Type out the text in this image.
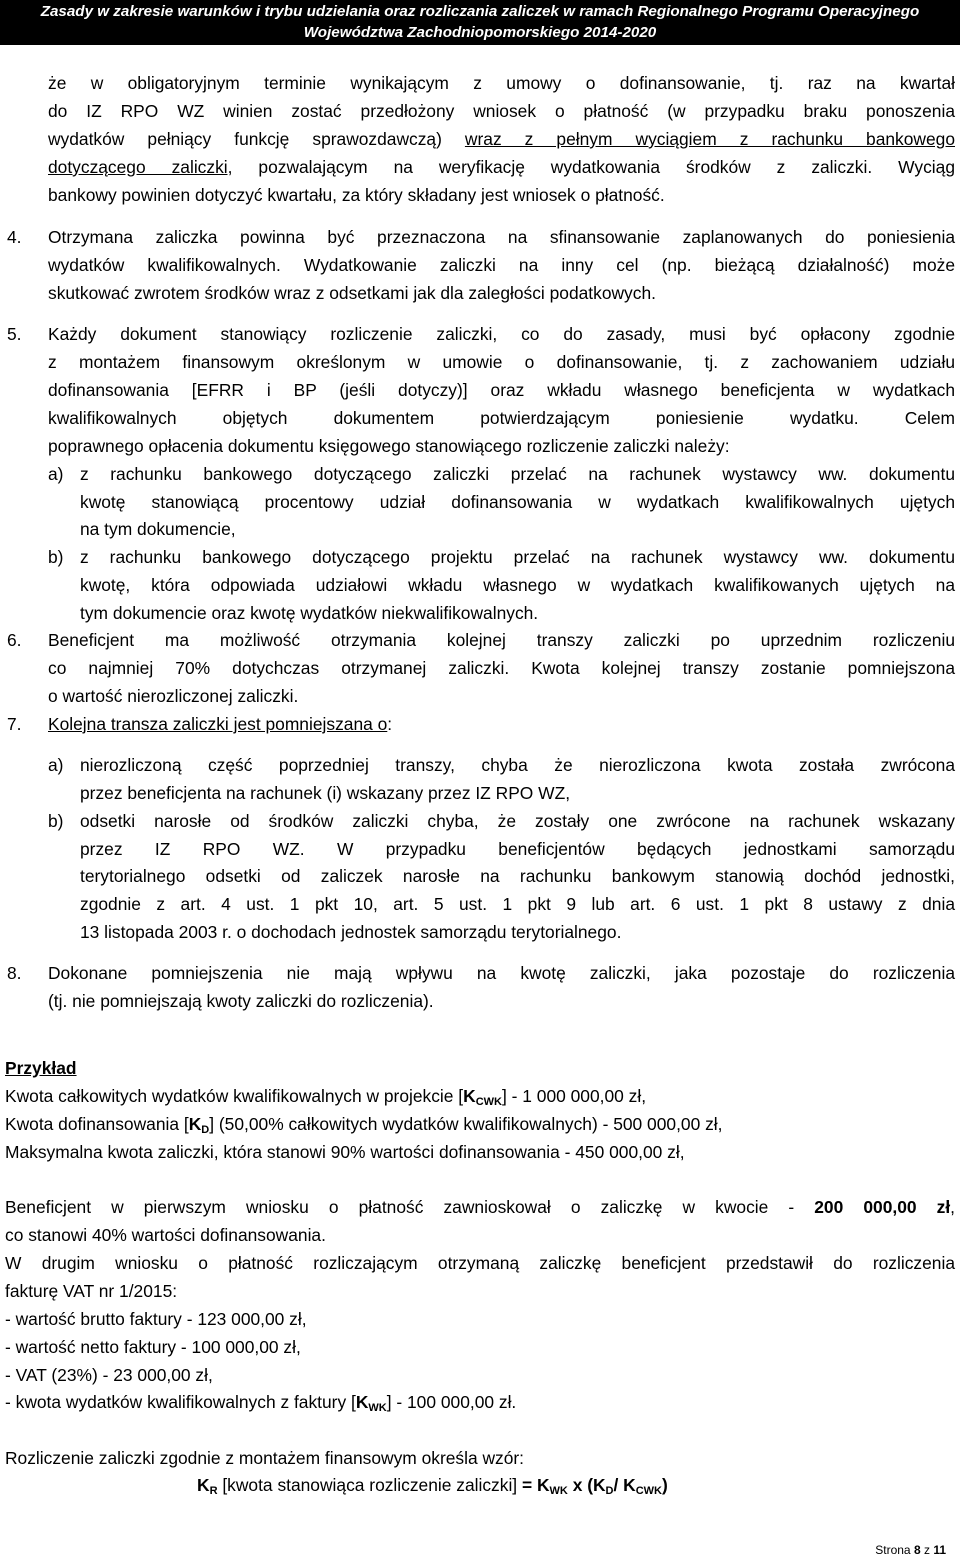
Zasady w zakresie warunków i trybu udzielania oraz rozliczania zaliczek w ramach Regionalnego Programu Operacyjnego
Województwa Zachodniopomorskiego 2014-2020
że w obligatoryjnym terminie wynikającym z umowy o dofinansowanie, tj. raz na kwartał
do IZ RPO WZ winien zostać przedłożony wniosek o płatność (w przypadku braku ponoszenia
wydatków pełniący funkcję sprawozdawczą) wraz z pełnym wyciągiem z rachunku bankowego
dotyczącego zaliczki, pozwalającym na weryfikację wydatkowania środków z zaliczki. Wyciąg
bankowy powinien dotyczyć kwartału, za który składany jest wniosek o płatność.
4. Otrzymana zaliczka powinna być przeznaczona na sfinansowanie zaplanowanych do poniesienia
wydatków kwalifikowalnych. Wydatkowanie zaliczki na inny cel (np. bieżącą działalność) może
skutkować zwrotem środków wraz z odsetkami jak dla zaległości podatkowych.
5. Każdy dokument stanowiący rozliczenie zaliczki, co do zasady, musi być opłacony zgodnie
z montażem finansowym określonym w umowie o dofinansowanie, tj. z zachowaniem udziału
dofinansowania [EFRR i BP (jeśli dotyczy)] oraz wkładu własnego beneficjenta w wydatkach
kwalifikowalnych objętych dokumentem potwierdzającym poniesienie wydatku. Celem
poprawnego opłacenia dokumentu księgowego stanowiącego rozliczenie zaliczki należy:
a) z rachunku bankowego dotyczącego zaliczki przelać na rachunek wystawcy ww. dokumentu
kwotę stanowiącą procentowy udział dofinansowania w wydatkach kwalifikowalnych ujętych
na tym dokumencie,
b) z rachunku bankowego dotyczącego projektu przelać na rachunek wystawcy ww. dokumentu
kwotę, która odpowiada udziałowi wkładu własnego w wydatkach kwalifikowanych ujętych na
tym dokumencie oraz kwotę wydatków niekwalifikowalnych.
6. Beneficjent ma możliwość otrzymania kolejnej transzy zaliczki po uprzednim rozliczeniu
co najmniej 70% dotychczas otrzymanej zaliczki. Kwota kolejnej transzy zostanie pomniejszona
o wartość nierozliczonej zaliczki.
7. Kolejna transza zaliczki jest pomniejszana o:
a) nierozliczoną część poprzedniej transzy, chyba że nierozliczona kwota została zwrócona
przez beneficjenta na rachunek (i) wskazany przez IZ RPO WZ,
b) odsetki narosłe od środków zaliczki chyba, że zostały one zwrócone na rachunek wskazany
przez IZ RPO WZ. W przypadku beneficjentów będących jednostkami samorządu
terytorialnego odsetki od zaliczek narosłe na rachunku bankowym stanowią dochód jednostki,
zgodnie z art. 4 ust. 1 pkt 10, art. 5 ust. 1 pkt 9 lub art. 6 ust. 1 pkt 8 ustawy z dnia
13 listopada 2003 r. o dochodach jednostek samorządu terytorialnego.
8. Dokonane pomniejszenia nie mają wpływu na kwotę zaliczki, jaka pozostaje do rozliczenia
(tj. nie pomniejszają kwoty zaliczki do rozliczenia).
Przykład
Kwota całkowitych wydatków kwalifikowalnych w projekcie $[K_{CWK}] - 1$ 000 000,00 zł,
Kwota dofinansowania $[K_D]$ (50,00% całkowitych wydatków kwalifikowalnych) - 500 000,00 zł,
Maksymalna kwota zaliczki, która stanowi 90% wartości dofinansowania - 450 000,00 zł,
Beneficjent w pierwszym wniosku o płatność zawnioskował o zaliczkę w kwocie - 200 000,00 zł,
co stanowi 40% wartości dofinansowania.
W drugim wniosku o płatność rozliczającym otrzymaną zaliczkę beneficjent przedstawił do rozliczenia
fakturę VAT nr 1/2015:
- wartość brutto faktury - 123 000,00 zł,
- wartość netto faktury - 100 000,00 zł,
- VAT (23%) - 23 000,00 zł,
- kwota wydatków kwalifikowalnych z faktury $[K_{WK}] - 100$ 000,00 zł.
Rozliczenie zaliczki zgodnie z montażem finansowym określa wzór:
$K_R$ [kwota stanowiąca rozliczenie zaliczki] = $K_{WK}$ x ($K_D/$ $K_{CWK}$)
Strona 8 z 11
